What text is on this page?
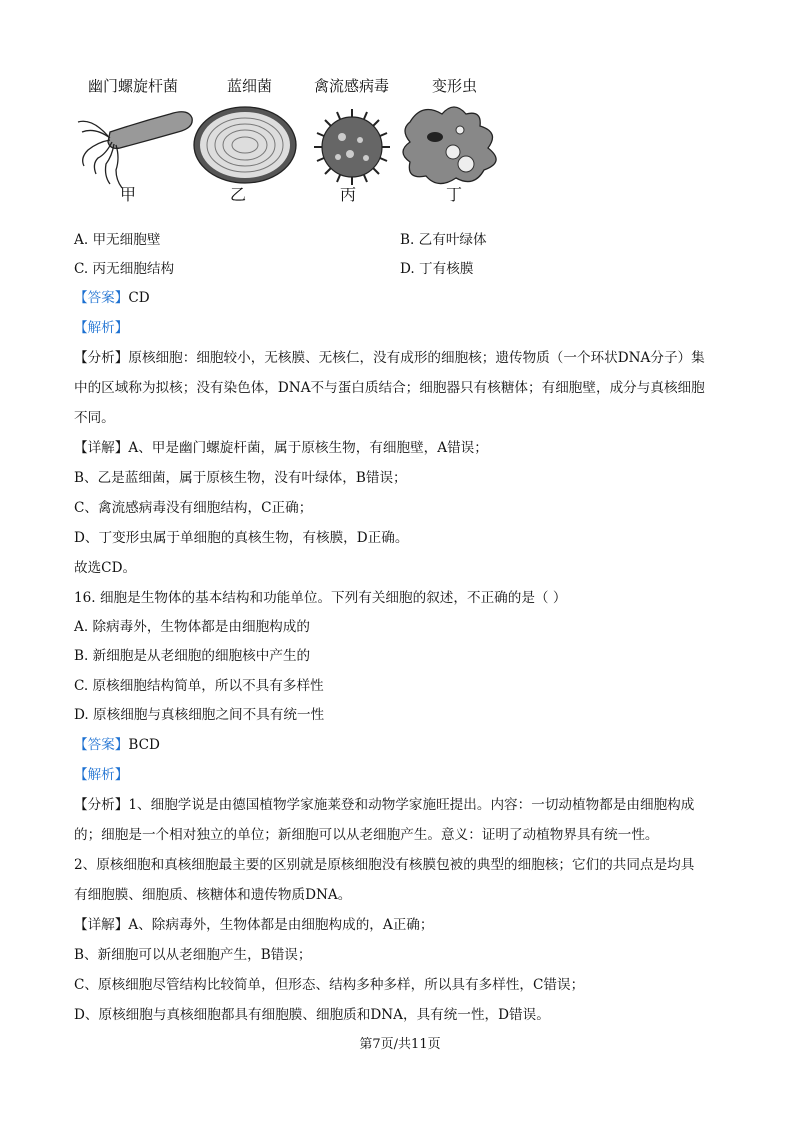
幽门螺旋杆菌	蓝细菌	禽流感病毒	变形虫
甲	乙	丙	丁
A. 甲无细胞壁	B. 乙有叶绿体
C. 丙无细胞结构	D. 丁有核膜
【答案】CD
【解析】
【分析】原核细胞：细胞较小，无核膜、无核仁，没有成形的细胞核；遗传物质（一个环状DNA分子）集
中的区域称为拟核；没有染色体，DNA不与蛋白质结合；细胞器只有核糖体；有细胞壁，成分与真核细胞
不同。
【详解】A、甲是幽门螺旋杆菌，属于原核生物，有细胞壁，A错误；
B、乙是蓝细菌，属于原核生物，没有叶绿体，B错误；
C、禽流感病毒没有细胞结构，C正确；
D、丁变形虫属于单细胞的真核生物，有核膜，D正确。
故选CD。
16. 细胞是生物体的基本结构和功能单位。下列有关细胞的叙述，不正确的是（ ）
A. 除病毒外，生物体都是由细胞构成的
B. 新细胞是从老细胞的细胞核中产生的
C. 原核细胞结构简单，所以不具有多样性
D. 原核细胞与真核细胞之间不具有统一性
【答案】BCD
【解析】
【分析】1、细胞学说是由德国植物学家施莱登和动物学家施旺提出。内容：一切动植物都是由细胞构成
的；细胞是一个相对独立的单位；新细胞可以从老细胞产生。意义：证明了动植物界具有统一性。
2、原核细胞和真核细胞最主要的区别就是原核细胞没有核膜包被的典型的细胞核；它们的共同点是均具
有细胞膜、细胞质、核糖体和遗传物质DNA。
【详解】A、除病毒外，生物体都是由细胞构成的，A正确；
B、新细胞可以从老细胞产生，B错误；
C、原核细胞尽管结构比较简单，但形态、结构多种多样，所以具有多样性，C错误；
D、原核细胞与真核细胞都具有细胞膜、细胞质和DNA，具有统一性，D错误。
第7页/共11页
